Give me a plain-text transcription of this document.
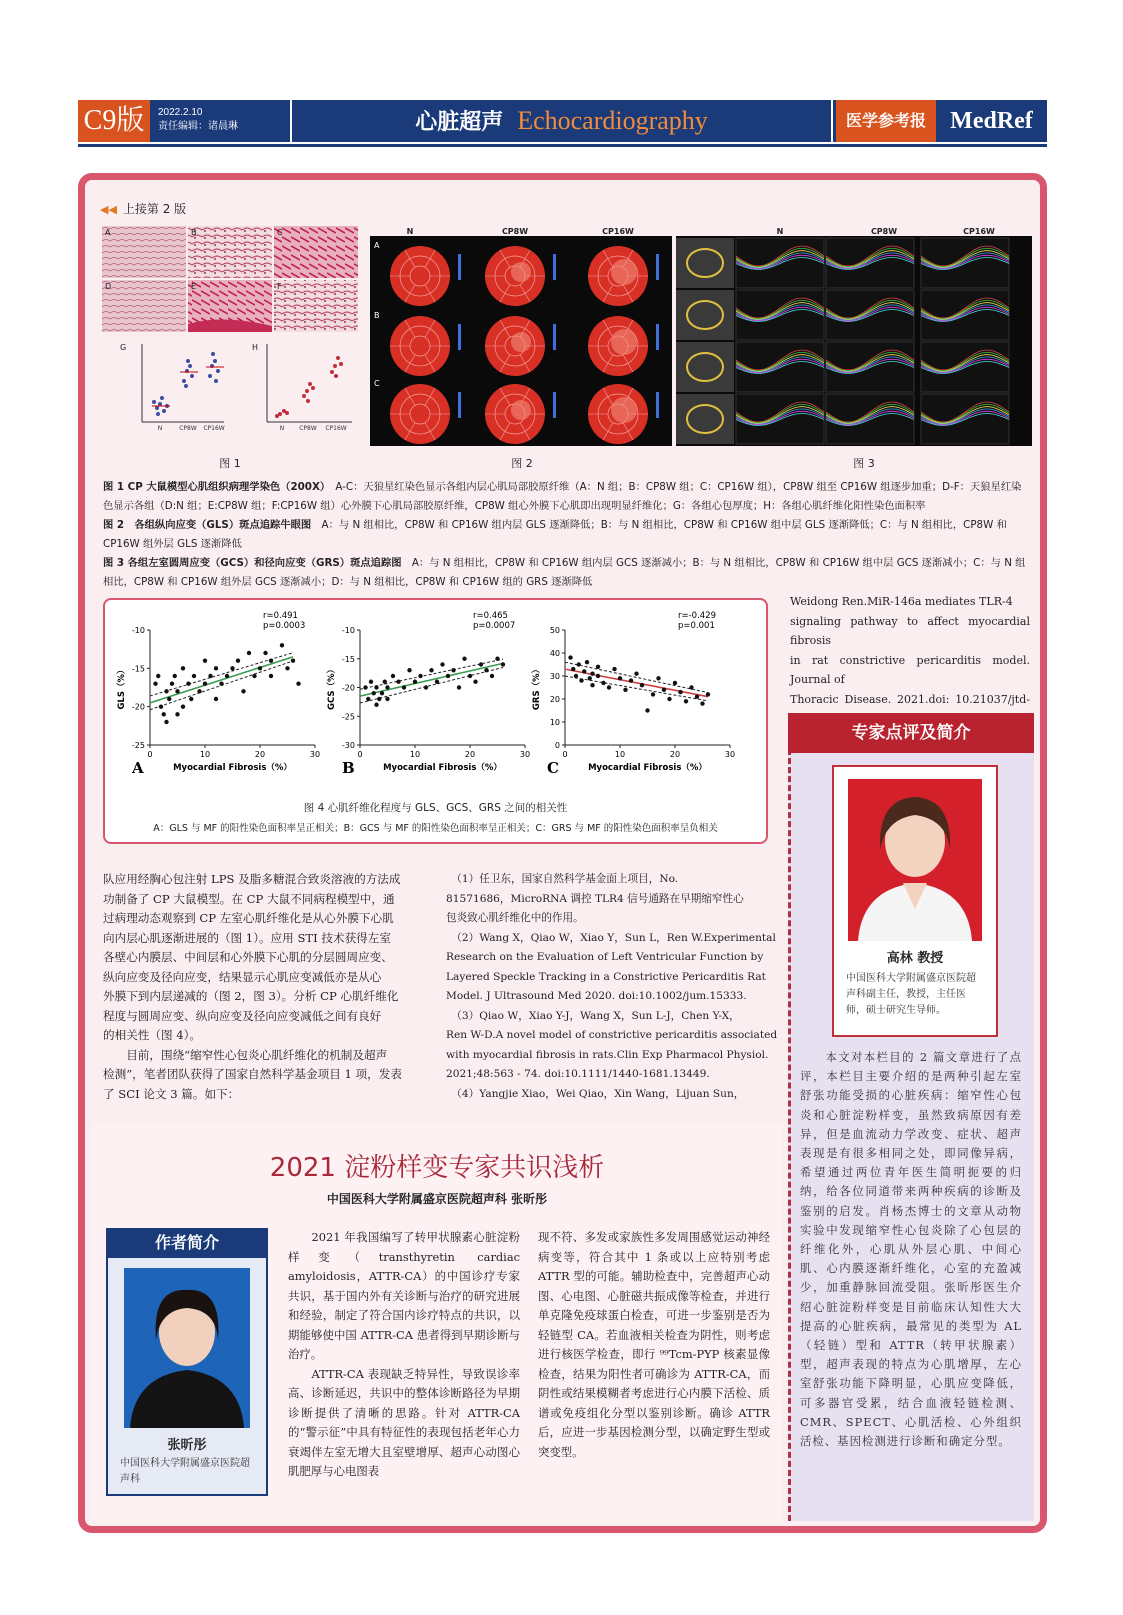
C9版	2022.2.10
责任编辑：诸晨琳	心脏超声 Echocardiography	医学参考报	MedRef
◀◀ 上接第 2 版
A	B	C
D	E	F
G	H
N	CP8W CP16W	N CP8W CP16W
图 1
N	CP8W	CP16W
A
B
C
图 2
N	CP8W	CP16W
图 3

图 1 CP 大鼠模型心肌组织病理学染色（200X）　 A-C：天狼星红染色显示各组内层心肌局部胶原纤维（A：N 组；B：CP8W 组；C：CP16W 组），CP8W 组至 CP16W 组逐步加重；D-F：天狼星红染色显示各组（D:N 组；E:CP8W 组；F:CP16W 组）心外膜下心肌局部胶原纤维，CP8W 组心外膜下心肌即出现明显纤维化；G：各组心包厚度；H：各组心肌纤维化阳性染色面积率

图 2　各组纵向应变（GLS）斑点追踪牛眼图　 A：与 N 组相比，CP8W 和 CP16W 组内层 GLS 逐渐降低；B：与 N 组相比，CP8W 和 CP16W 组中层 GLS 逐渐降低；C：与 N 组相比，CP8W 和 CP16W 组外层 GLS 逐渐降低

图 3 各组左室圆周应变（GCS）和径向应变（GRS）斑点追踪图　 A：与 N 组相比，CP8W 和 CP16W 组内层 GCS 逐渐减小；B：与 N 组相比，CP8W 和 CP16W 组中层 GCS 逐渐减小；C：与 N 组相比，CP8W 和 CP16W 组外层 GCS 逐渐减小；D：与 N 组相比，CP8W 和 CP16W 组的 GRS 逐渐降低

-10
-15
-20
-25
0	10	20	30
r=0.491
p=0.0003
Myocardial Fibrosis（%）
GLS（%）
A
-10
-15
-20
-25
-30
0	10	20	30
r=0.465
p=0.0007
Myocardial Fibrosis（%）
GCS（%）
B
0
10
20
30
40
50
0	10	20	30
r=-0.429
p=0.001
Myocardial Fibrosis（%）
GRS（%）
C
图 4 心肌纤维化程度与 GLS、GCS、GRS 之间的相关性
A：GLS 与 MF 的阳性染色面积率呈正相关；B：GCS 与 MF 的阳性染色面积率呈正相关；C：GRS 与 MF 的阳性染色面积率呈负相关
Weidong Ren.MiR-146a mediates TLR-4
signaling pathway to affect myocardial fibrosis
in rat constrictive pericarditis model. Journal of
Thoracic Disease. 2021.doi: 10.21037/jtd-
队应用经胸心包注射 LPS 及脂多糖混合致炎溶液的方法成
功制备了 CP 大鼠模型。在 CP 大鼠不同病程模型中，通
过病理动态观察到 CP 左室心肌纤维化是从心外膜下心肌
向内层心肌逐渐进展的（图 1）。应用 STI 技术获得左室
各壁心内膜层、中间层和心外膜下心肌的分层圆周应变、
纵向应变及径向应变，结果显示心肌应变减低亦是从心
外膜下到内层递减的（图 2，图 3）。分析 CP 心肌纤维化
程度与圆周应变、纵向应变及径向应变减低之间有良好
的相关性（图 4）。
　　目前，围绕“缩窄性心包炎心肌纤维化的机制及超声
检测”，笔者团队获得了国家自然科学基金项目 1 项，发表
了 SCI 论文 3 篇。如下：
　（1）任卫东，国家自然科学基金面上项目，No.
81571686，MicroRNA 调控 TLR4 信号通路在早期缩窄性心
包炎致心肌纤维化中的作用。
　（2）Wang X，Qiao W，Xiao Y，Sun L，Ren W.Experimental
Research on the Evaluation of Left Ventricular Function by
Layered Speckle Tracking in a Constrictive Pericarditis Rat
Model. J Ultrasound Med 2020. doi:10.1002/jum.15333.
　（3）Qiao W，Xiao Y-J，Wang X，Sun L-J，Chen Y-X，
Ren W-D.A novel model of constrictive pericarditis associated
with myocardial fibrosis in rats.Clin Exp Pharmacol Physiol.
2021;48:563 - 74. doi:10.1111/1440-1681.13449.
　（4）Yangjie Xiao，Wei Qiao，Xin Wang，Lijuan Sun，
专家点评及简介
高林 教授
中国医科大学附属盛京医院超声科副主任，教授，主任医师，硕士研究生导师。
　　本文对本栏目的 2 篇文章进行了点评，本栏目主要介绍的是两种引起左室舒张功能受损的心脏疾病：缩窄性心包炎和心脏淀粉样变，虽然致病原因有差异，但是血流动力学改变、症状、超声表现是有很多相同之处，即同像异病，希望通过两位青年医生简明扼要的归纳，给各位同道带来两种疾病的诊断及鉴别的启发。肖杨杰博士的文章从动物实验中发现缩窄性心包炎除了心包层的纤维化外，心肌从外层心肌、中间心肌、心内膜逐渐纤维化，心室的充盈减少，加重静脉回流受阻。张昕彤医生介绍心脏淀粉样变是目前临床认知性大大提高的心脏疾病，最常见的类型为 AL（轻链）型和 ATTR（转甲状腺素）型，超声表现的特点为心肌增厚，左心室舒张功能下降明显，心肌应变降低，可多器官受累，结合血液轻链检测、CMR、SPECT、心肌活检、心外组织活检、基因检测进行诊断和确定分型。
2021 淀粉样变专家共识浅析
中国医科大学附属盛京医院超声科 张昕彤
张昕彤
中国医科大学附属盛京医院超声科
作者简介	　　2021 年我国编写了转甲状腺素心脏淀粉样变（transthyretin cardiac amyloidosis，ATTR-CA）的中国诊疗专家共识，基于国内外有关诊断与治疗的研究进展和经验，制定了符合国内诊疗特点的共识，以期能够使中国 ATTR-CA 患者得到早期诊断与治疗。
　　ATTR-CA 表现缺乏特异性，导致误诊率高、诊断延迟，共识中的整体诊断路径为早期诊断提供了清晰的思路。针对 ATTR-CA 的“警示征”中具有特征性的表现包括老年心力衰竭伴左室无增大且室壁增厚、超声心动图心肌肥厚与心电图表
现不符、多发或家族性多发周围感觉运动神经病变等，符合其中 1 条或以上应特别考虑 ATTR 型的可能。辅助检查中，完善超声心动图、心电图、心脏磁共振成像等检查，并进行单克隆免疫球蛋白检查，可进一步鉴别是否为轻链型 CA。若血液相关检查为阴性，则考虑进行核医学检查，即行 ⁹⁹Tcm-PYP 核素显像检查，结果为阳性者可确诊为 ATTR-CA，而阴性或结果模糊者考虑进行心内膜下活检、质谱或免疫组化分型以鉴别诊断。确诊 ATTR 后，应进一步基因检测分型，以确定野生型或突变型。
